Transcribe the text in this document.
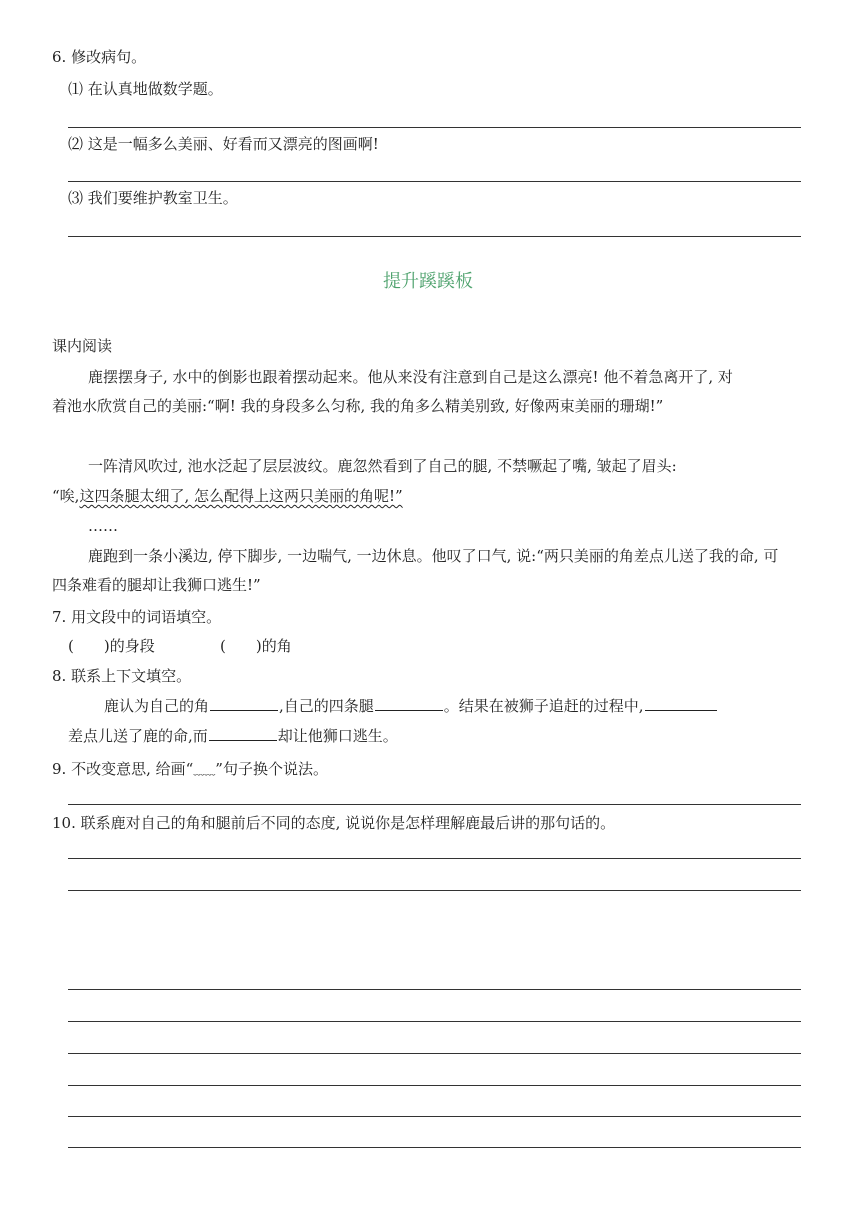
6. 修改病句。
⑴ 在认真地做数学题。
⑵ 这是一幅多么美丽、好看而又漂亮的图画啊!
⑶ 我们要维护教室卫生。
提升蹊蹊板
课内阅读
鹿摆摆身子, 水中的倒影也跟着摆动起来。他从来没有注意到自己是这么漂亮! 他不着急离开了, 对着池水欣赏自己的美丽:“啊! 我的身段多么匀称, 我的角多么精美别致, 好像两束美丽的珊瑚!”
一阵清风吹过, 池水泛起了层层波纹。鹿忽然看到了自己的腿, 不禁噘起了嘴, 皱起了眉头:
“唉,这四条腿太细了, 怎么配得上这两只美丽的角呢!”
……
鹿跑到一条小溪边, 停下脚步, 一边喘气, 一边休息。他叹了口气, 说:“两只美丽的角差点儿送了我的命, 可四条难看的腿却让我狮口逃生!”
7. 用文段中的词语填空。
(　　)的身段	(　　)的角
8. 联系上下文填空。
鹿认为自己的角	,自己的四条腿	。结果在被狮子追赶的过程中,
差点儿送了鹿的命,而	却让他狮口逃生。
9. 不改变意思, 给画“﹏﹏”句子换个说法。
10. 联系鹿对自己的角和腿前后不同的态度, 说说你是怎样理解鹿最后讲的那句话的。
